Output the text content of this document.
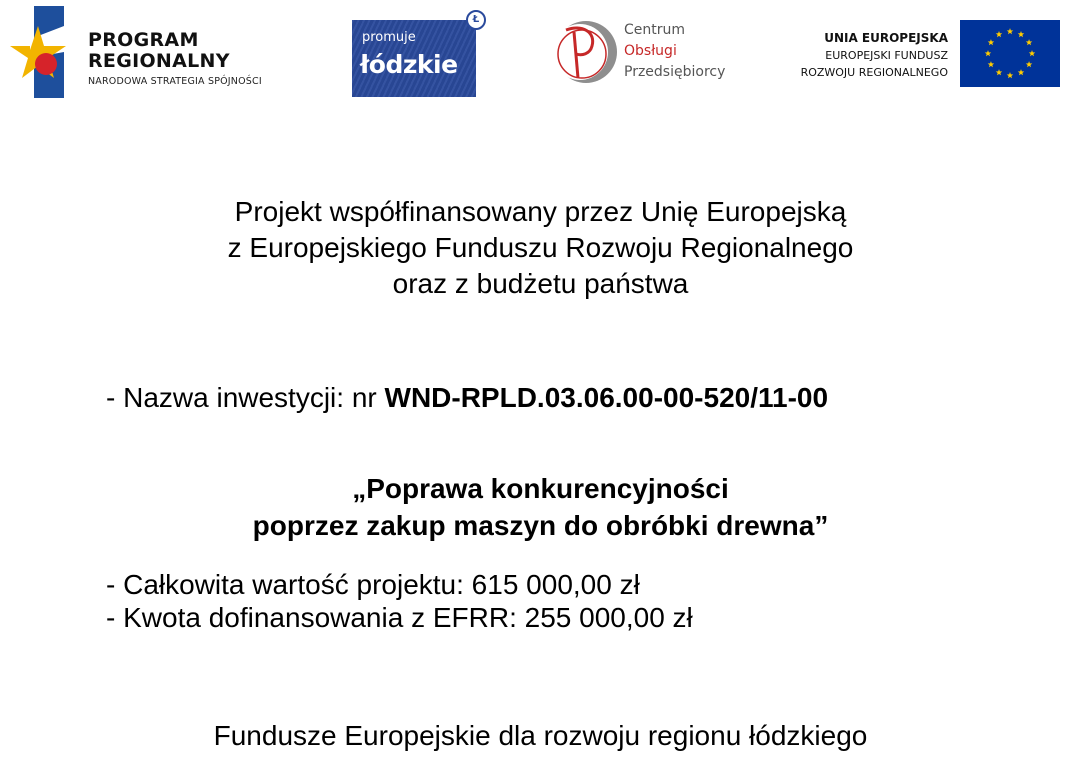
PROGRAM
REGIONALNY
NARODOWA STRATEGIA SPÓJNOŚCI
promuje
łódzkie
Ł
Centrum
Obsługi
Przedsiębiorcy
UNIA EUROPEJSKA
EUROPEJSKI FUNDUSZ
ROZWOJU REGIONALNEGO
Projekt współfinansowany przez Unię Europejską
z Europejskiego Funduszu Rozwoju Regionalnego
oraz z budżetu państwa
- Nazwa inwestycji: nr WND-RPLD.03.06.00-00-520/11-00
„Poprawa konkurencyjności
poprzez zakup maszyn do obróbki drewna”
- Całkowita wartość projektu: 615 000,00 zł
- Kwota dofinansowania z EFRR: 255 000,00 zł
Fundusze Europejskie dla rozwoju regionu łódzkiego
